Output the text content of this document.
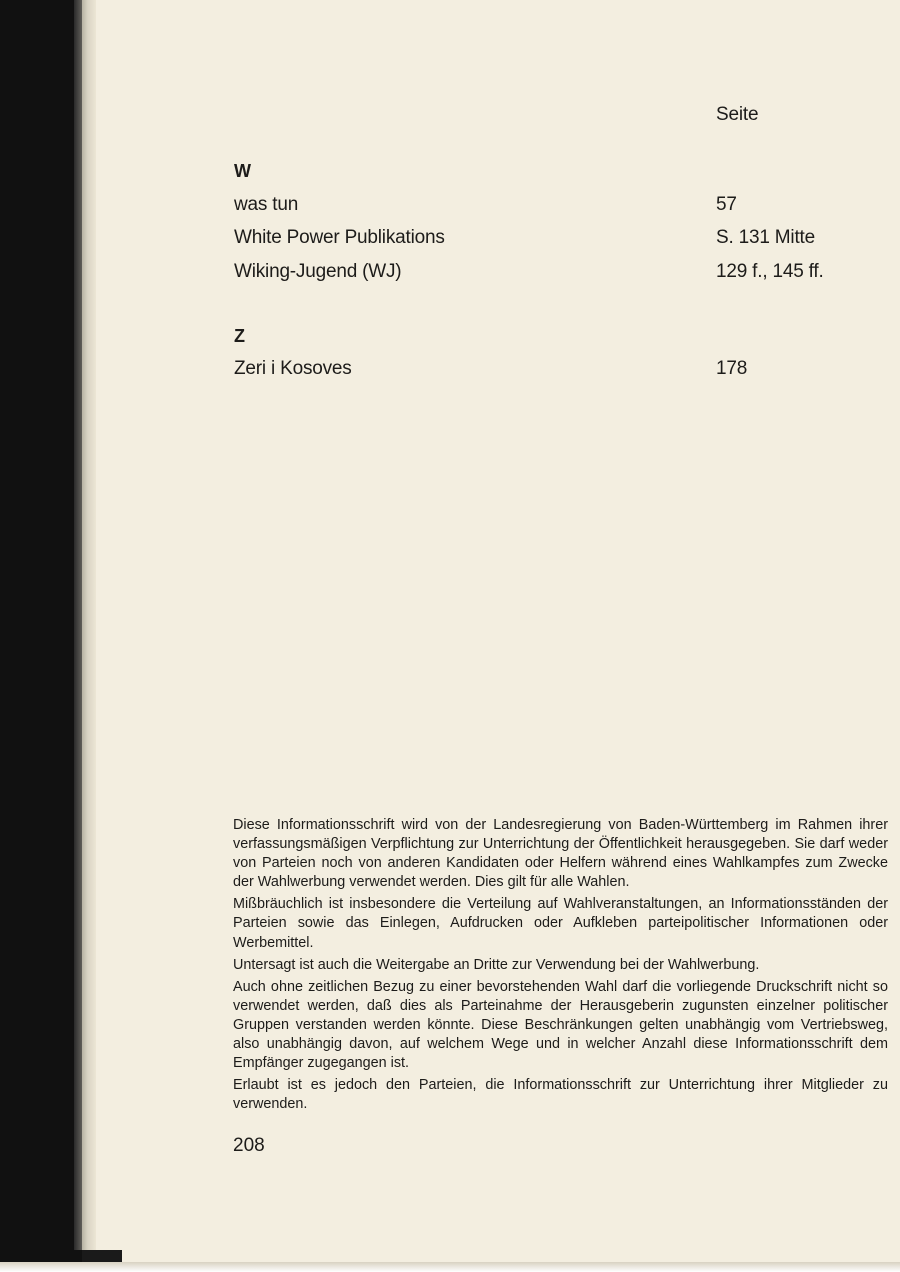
Seite
W
was tun	57
White Power Publikations	S. 131 Mitte
Wiking-Jugend (WJ)	129 f., 145 ff.
Z
Zeri i Kosoves	178

Diese Informationsschrift wird von der Landesregierung von Baden-Württemberg im Rahmen ihrer verfassungsmäßigen Verpflichtung zur Unterrichtung der Öffentlichkeit herausgegeben. Sie darf weder von Parteien noch von anderen Kandidaten oder Helfern während eines Wahlkampfes zum Zwecke der Wahlwerbung verwendet werden. Dies gilt für alle Wahlen.

Mißbräuchlich ist insbesondere die Verteilung auf Wahlveranstaltungen, an Informationsständen der Parteien sowie das Einlegen, Aufdrucken oder Aufkleben parteipolitischer Informationen oder Werbemittel.

Untersagt ist auch die Weitergabe an Dritte zur Verwendung bei der Wahlwerbung.

Auch ohne zeitlichen Bezug zu einer bevorstehenden Wahl darf die vorliegende Druckschrift nicht so verwendet werden, daß dies als Parteinahme der Herausgeberin zugunsten einzelner politischer Gruppen verstanden werden könnte. Diese Beschränkungen gelten unabhängig vom Vertriebsweg, also unabhängig davon, auf welchem Wege und in welcher Anzahl diese Informationsschrift dem Empfänger zugegangen ist.

Erlaubt ist es jedoch den Parteien, die Informationsschrift zur Unterrichtung ihrer Mitglieder zu verwenden.

208
